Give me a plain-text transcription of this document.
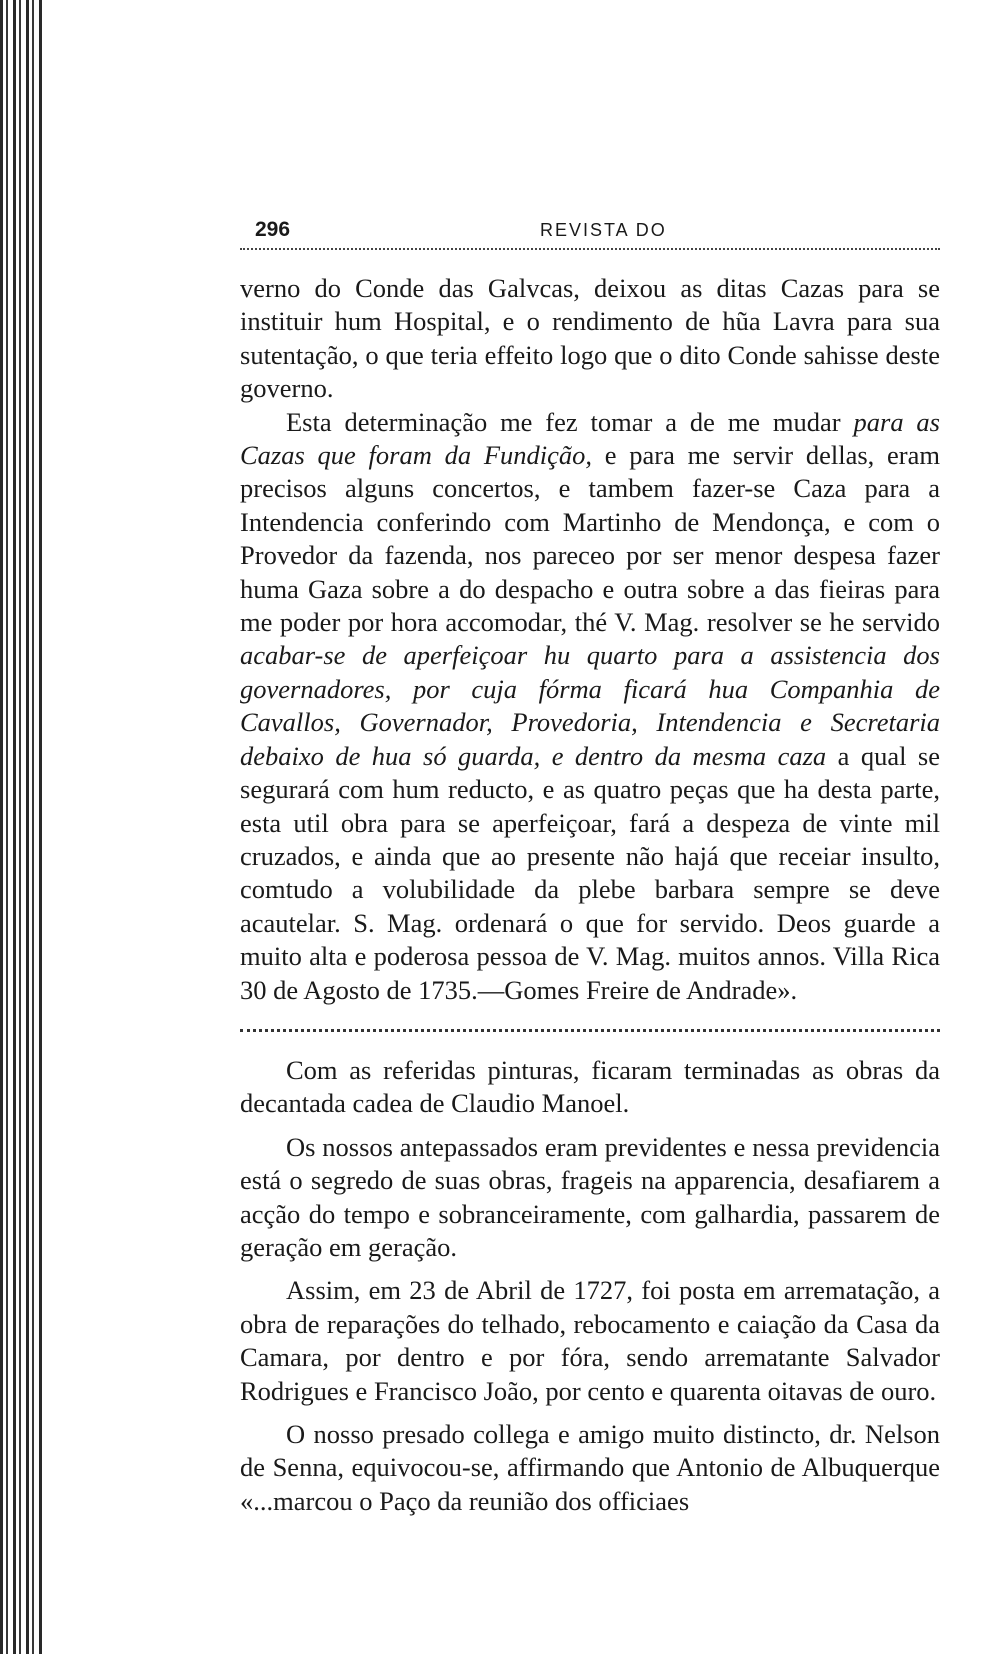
296	REVISTA DO

verno do Conde das Galvcas, deixou as ditas Cazas para se instituir hum Hospital, e o rendimento de hũa Lavra para sua sutentação, o que teria effeito logo que o dito Conde sahisse deste governo.

Esta determinação me fez tomar a de me mudar para as Cazas que foram da Fundição, e para me servir dellas, eram precisos alguns concertos, e tambem fazer-se Caza para a Intendencia conferindo com Martinho de Mendonça, e com o Provedor da fazenda, nos pareceo por ser menor despesa fazer huma Gaza sobre a do despacho e outra sobre a das fieiras para me poder por hora accomodar, thé V. Mag. resolver se he servido acabar-se de aperfeiçoar hu quarto para a assistencia dos governadores, por cuja fórma ficará hua Companhia de Cavallos, Governador, Provedoria, Intendencia e Secretaria debaixo de hua só guarda, e dentro da mesma caza a qual se segurará com hum reducto, e as quatro peças que ha desta parte, esta util obra para se aperfeiçoar, fará a despeza de vinte mil cruzados, e ainda que ao presente não hajá que receiar insulto, comtudo a volubilidade da plebe barbara sempre se deve acautelar. S. Mag. ordenará o que for servido. Deos guarde a muito alta e poderosa pessoa de V. Mag. muitos annos. Villa Rica 30 de Agosto de 1735.—Gomes Freire de Andrade».

Com as referidas pinturas, ficaram terminadas as obras da decantada cadea de Claudio Manoel.

Os nossos antepassados eram previdentes e nessa previdencia está o segredo de suas obras, frageis na apparencia, desafiarem a acção do tempo e sobranceiramente, com galhardia, passarem de geração em geração.

Assim, em 23 de Abril de 1727, foi posta em arrematação, a obra de reparações do telhado, rebocamento e caiação da Casa da Camara, por dentro e por fóra, sendo arrematante Salvador Rodrigues e Francisco João, por cento e quarenta oitavas de ouro.

O nosso presado collega e amigo muito distincto, dr. Nelson de Senna, equivocou-se, affirmando que Antonio de Albuquerque «...marcou o Paço da reunião dos officiaes
